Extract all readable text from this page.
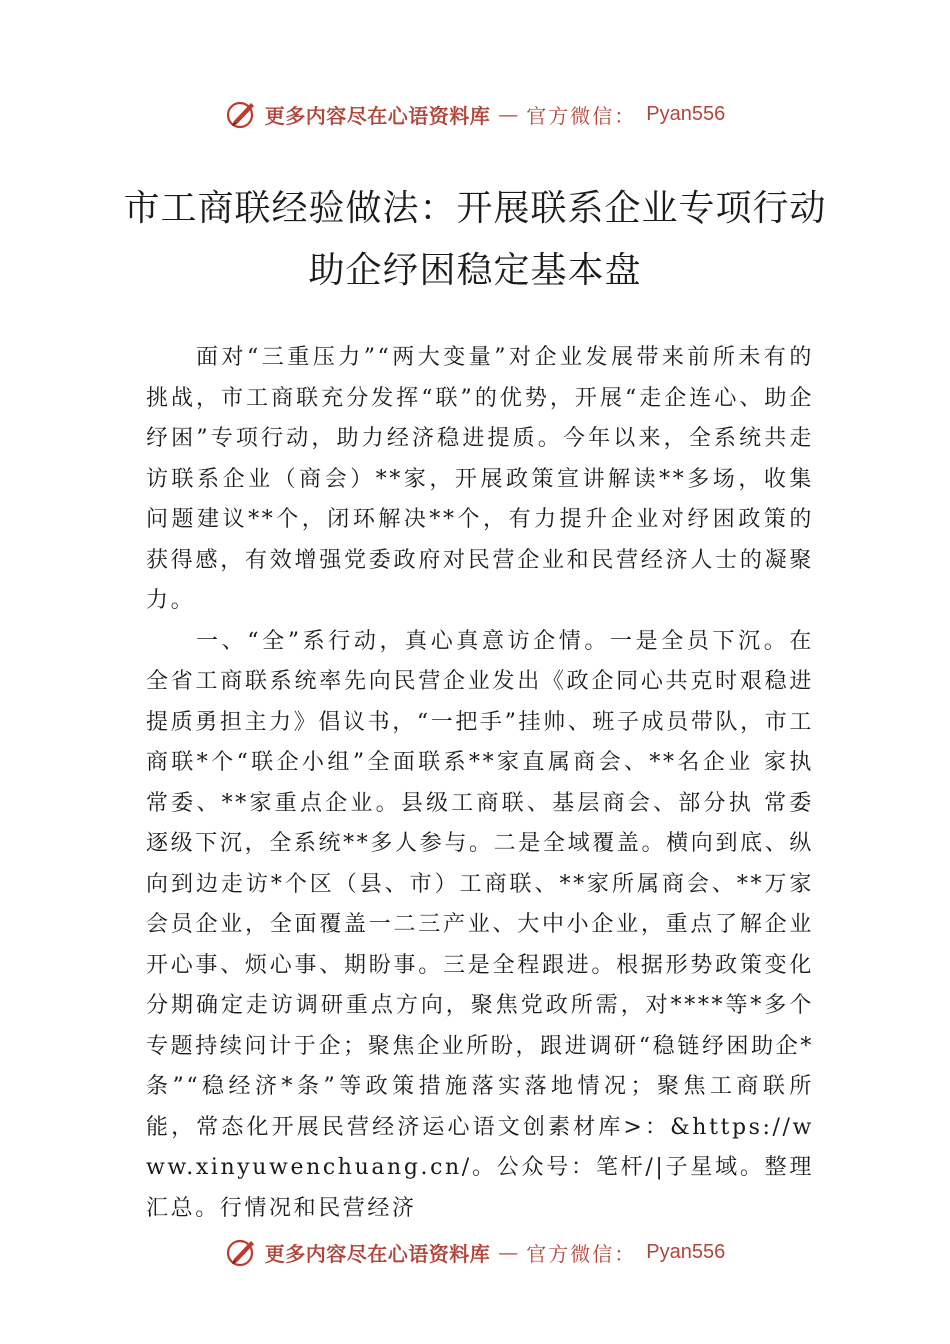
更多内容尽在心语资料库 — 官方微信： Pyan556
市工商联经验做法：开展联系企业专项行动助企纾困稳定基本盘

面对“三重压力”“两大变量”对企业发展带来前所未有的挑战，市工商联充分发挥“联”的优势，开展“走企连心、助企纾困”专项行动，助力经济稳进提质。今年以来，全系统共走访联系企业（商会）**家，开展政策宣讲解读**多场，收集问题建议**个，闭环解决**个，有力提升企业对纾困政策的获得感，有效增强党委政府对民营企业和民营经济人士的凝聚力。

一、“全”系行动，真心真意访企情。一是全员下沉。在全省工商联系统率先向民营企业发出《政企同心共克时艰稳进提质勇担主力》倡议书，“一把手”挂帅、班子成员带队，市工商联*个“联企小组”全面联系**家直属商会、**名企业 家执常委、**家重点企业。县级工商联、基层商会、部分执 常委逐级下沉，全系统**多人参与。二是全域覆盖。横向到底、纵向到边走访*个区（县、市）工商联、**家所属商会、**万家会员企业，全面覆盖一二三产业、大中小企业，重点了解企业开心事、烦心事、期盼事。三是全程跟进。根据形势政策变化分期确定走访调研重点方向，聚焦党政所需，对****等*多个专题持续问计于企；聚焦企业所盼，跟进调研“稳链纾困助企*条”“稳经济*条”等政策措施落实落地情况；聚焦工商联所能，常态化开展民营经济运心语文创素材库>：&https://www.xinyuwenchuang.cn/。公众号：笔杆/|子星域。整理汇总。行情况和民营经济

更多内容尽在心语资料库 — 官方微信： Pyan556
